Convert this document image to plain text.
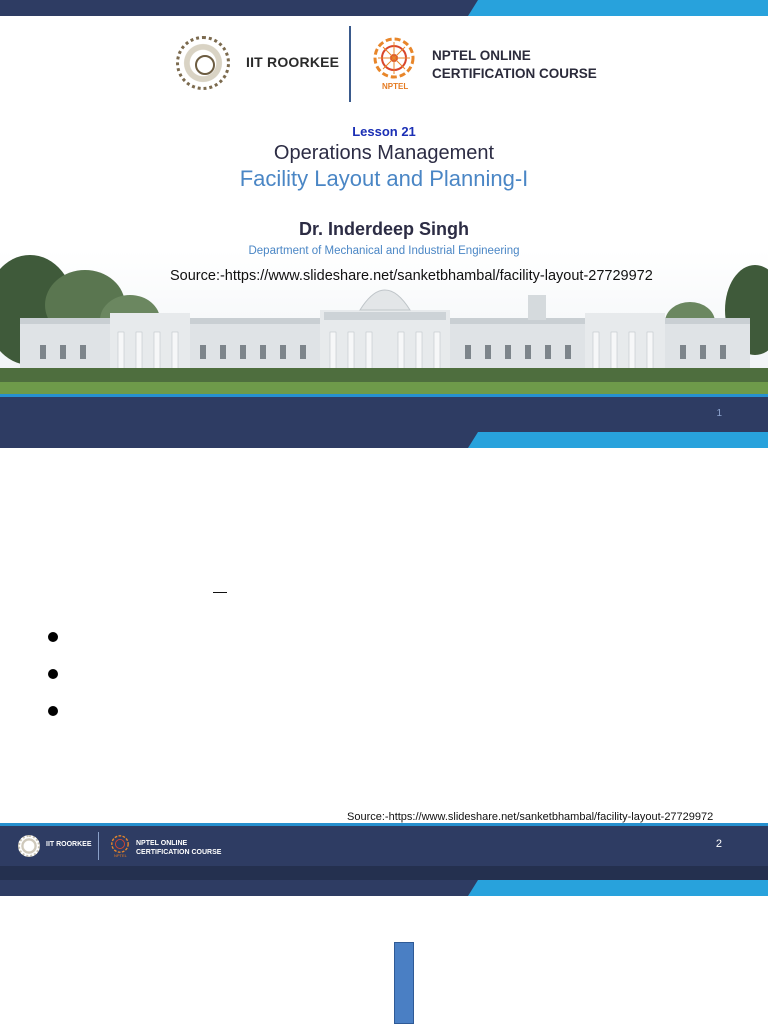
IIT ROORKEE
NPTEL
NPTEL ONLINE
CERTIFICATION COURSE
Lesson 21
Operations Management
Facility Layout and Planning-I
Dr. Inderdeep Singh
Department of Mechanical and Industrial Engineering
Source:-https://www.slideshare.net/sanketbhambal/facility-layout-27729972
1
Source:-https://www.slideshare.net/sanketbhambal/facility-layout-27729972
IIT ROORKEE
NPTEL
NPTEL ONLINE
CERTIFICATION COURSE
2
